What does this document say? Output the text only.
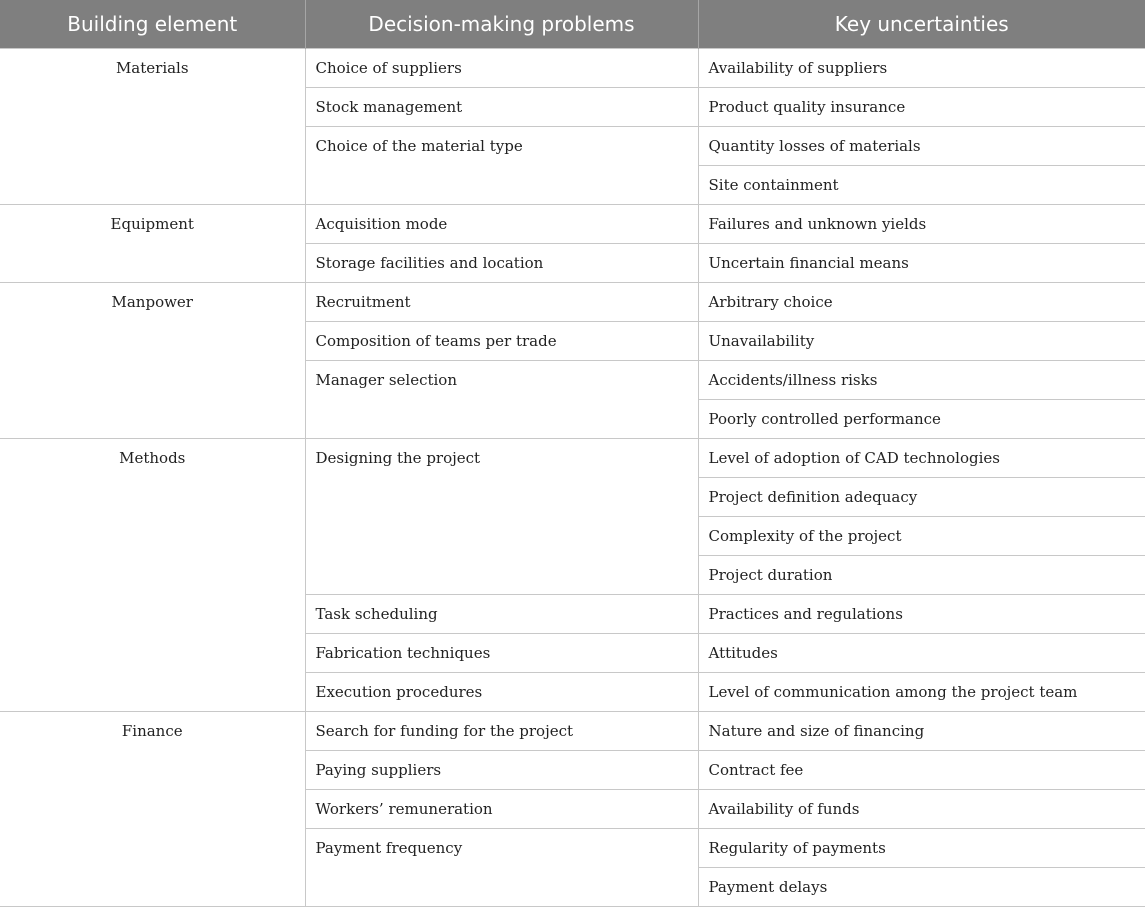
Building element	Decision-making problems	Key uncertainties
Materials	Choice of suppliers	Availability of suppliers
	Stock management	Product quality insurance
	Choice of the material type	Quantity losses of materials
		Site containment
Equipment	Acquisition mode	Failures and unknown yields
	Storage facilities and location	Uncertain financial means
Manpower	Recruitment	Arbitrary choice
	Composition of teams per trade	Unavailability
	Manager selection	Accidents/illness risks
		Poorly controlled performance
Methods	Designing the project	Level of adoption of CAD technologies
		Project definition adequacy
		Complexity of the project
		Project duration
	Task scheduling	Practices and regulations
	Fabrication techniques	Attitudes
	Execution procedures	Level of communication among the project team
Finance	Search for funding for the project	Nature and size of financing
	Paying suppliers	Contract fee
	Workers’ remuneration	Availability of funds
	Payment frequency	Regularity of payments
		Payment delays
